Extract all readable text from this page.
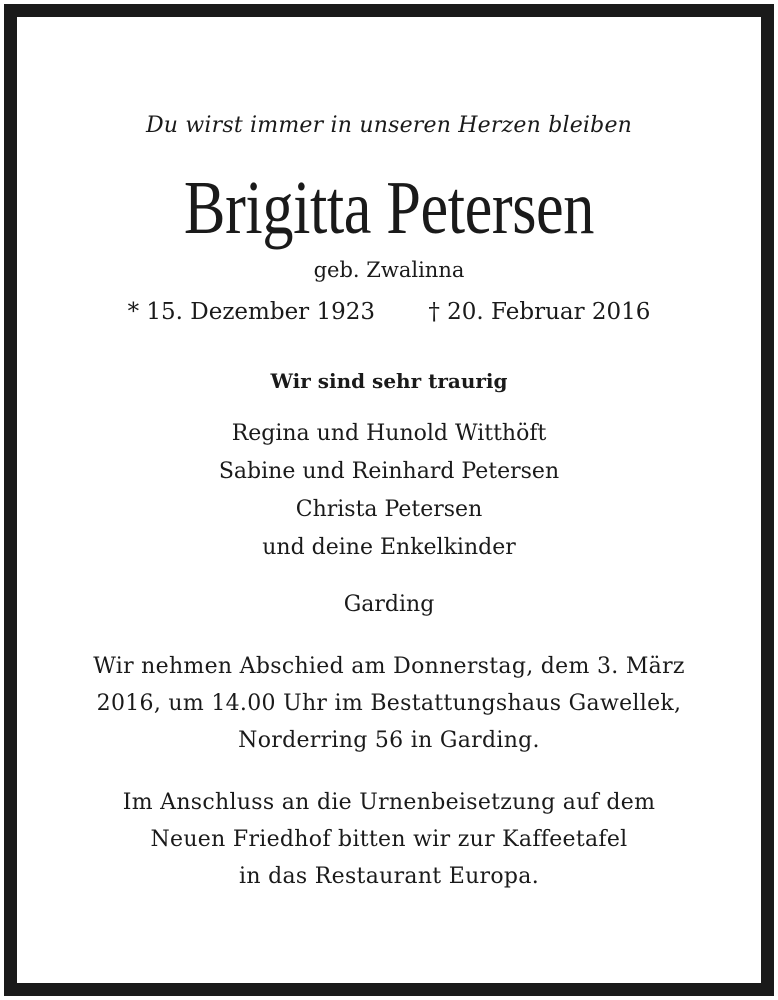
Du wirst immer in unseren Herzen bleiben
Brigitta Petersen
geb. Zwalinna
* 15. Dezember 1923 † 20. Februar 2016
Wir sind sehr traurig
Regina und Hunold Witthöft
Sabine und Reinhard Petersen
Christa Petersen
und deine Enkelkinder
Garding
Wir nehmen Abschied am Donnerstag, dem 3. März
2016, um 14.00 Uhr im Bestattungshaus Gawellek,
Norderring 56 in Garding.
Im Anschluss an die Urnenbeisetzung auf dem
Neuen Friedhof bitten wir zur Kaffeetafel
in das Restaurant Europa.
